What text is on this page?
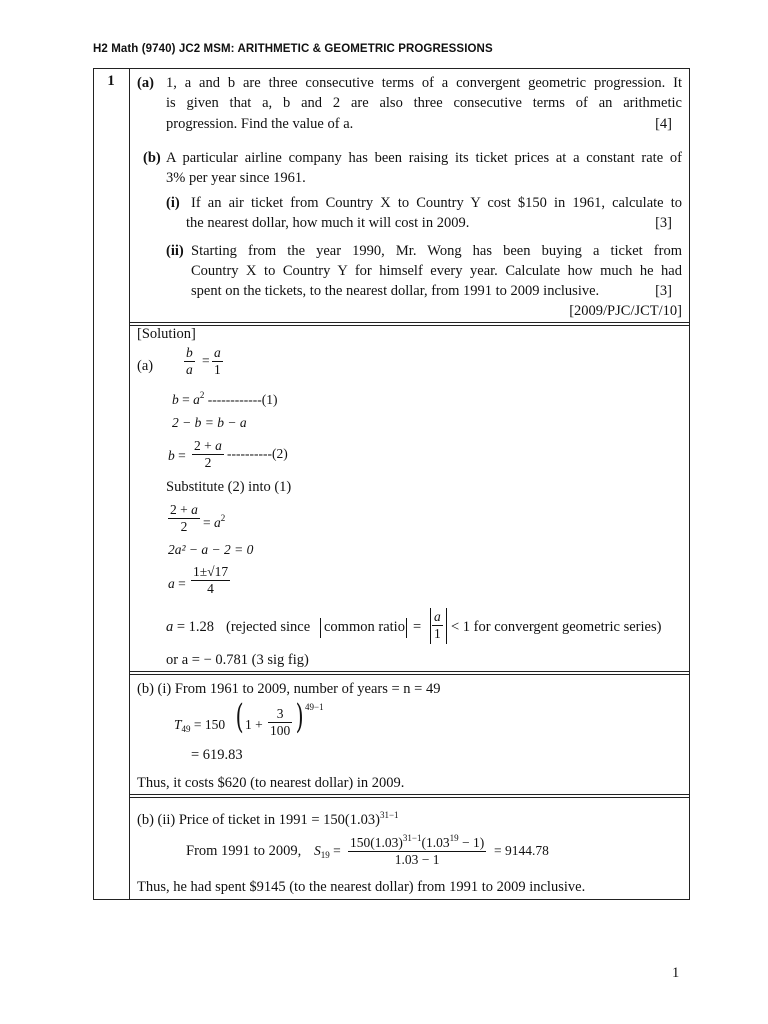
H2 Math (9740) JC2 MSM: ARITHMETIC & GEOMETRIC PROGRESSIONS
1	(a) 1, a and b are three consecutive terms of a convergent geometric progression. It
is given that a, b and 2 are also three consecutive terms of an arithmetic
progression. Find the value of a.	[4]
(b) A particular airline company has been raising its ticket prices at a constant rate of
3% per year since 1961.
(i) If an air ticket from Country X to Country Y cost $150 in 1961, calculate to
the nearest dollar, how much it will cost in 2009.	[3]
(ii) Starting from the year 1990, Mr. Wong has been buying a ticket from
Country X to Country Y for himself every year. Calculate how much he had
spent on the tickets, to the nearest dollar, from 1991 to 2009 inclusive.	[3]
[2009/PJC/JCT/10]
[Solution]
$(a) \frac{b}{a} = \frac{a}{1}$
$b = a^2$ ------------(1)
2 − b = b − a
$b = \frac{2 + a}{2} ----------(2)$
Substitute (2) into (1)
$\frac{2 + a}{2} = a^2$
2a² − a − 2 = 0
$a = \frac{1\pm√17}{4}$
a = 1.28 (rejected since common ratio = $\frac{a}{1} < 1$ for convergent geometric series)
or a = − 0.781 (3 sig fig)
(b) (i) From 1961 to 2009, number of years = n = 49
$T_{49} = 150$ ( $1 + \frac{3}{100}$ ) 49−1
= 619.83
Thus, it costs $620 (to nearest dollar) in 2009.
(b) (ii) Price of ticket in $1991 = 150(1.03)^{31-1}$
From 1991 to 2009, $S_{19} = \frac{150(1.03)^{31-1}(1.03^{19} - 1)}{1.03 - 1} = 9144.78$
Thus, he had spent $9145 (to the nearest dollar) from 1991 to 2009 inclusive.
1
